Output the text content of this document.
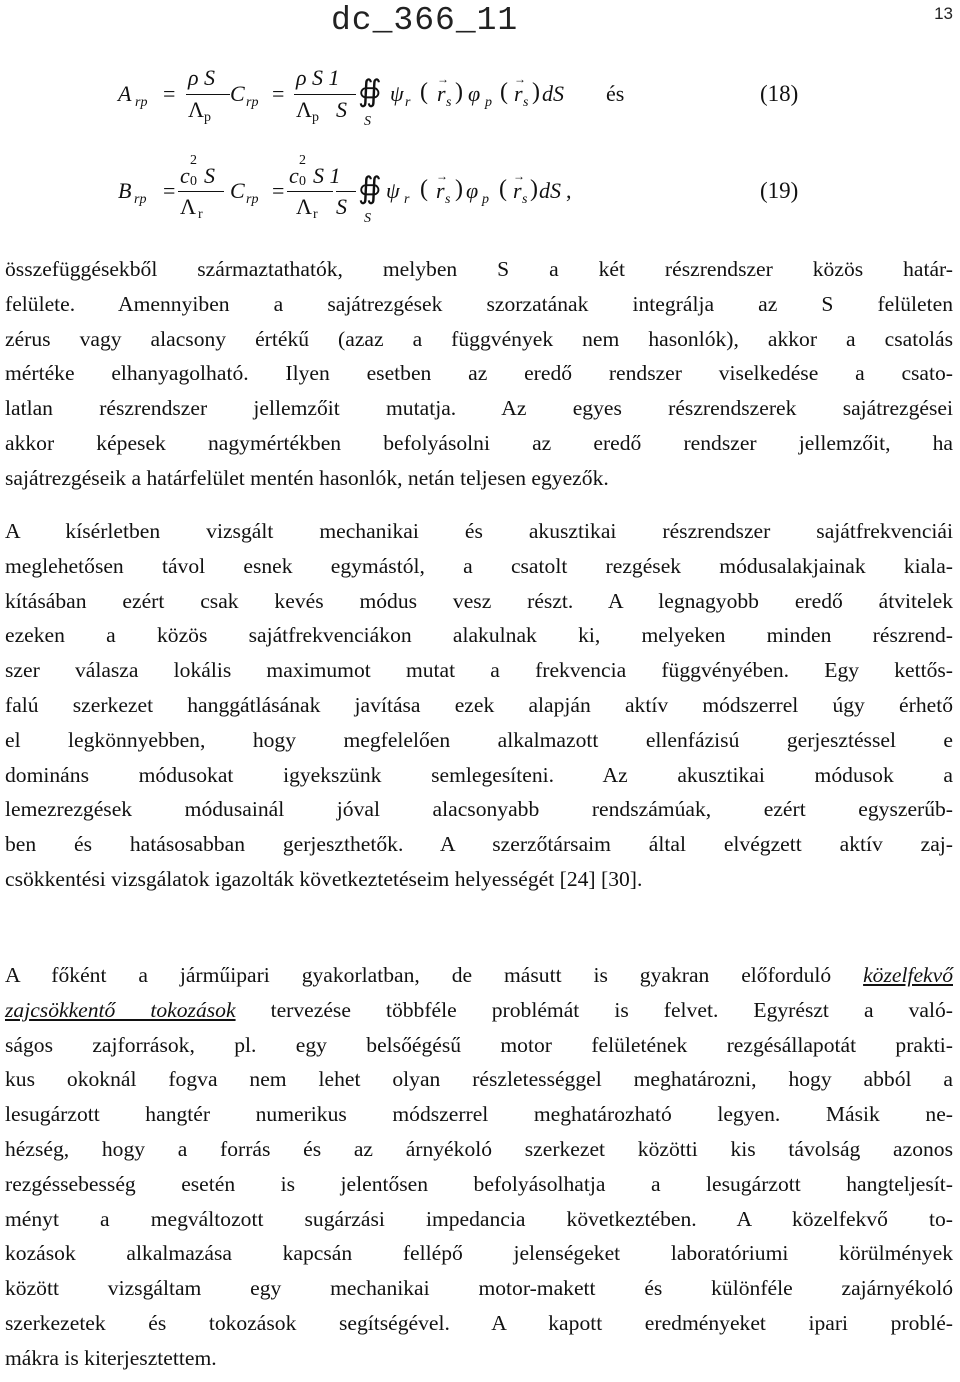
dc_366_11	13
A rp =
ρ S
Λ p
C rp =
ρ S 1
Λ p S
∯
S
ψ r ( →
r s ) φ p ( →
r s ) dS és	(18)
B rp =
c
2
0 S
Λ r
C rp =
c
2
0 S 1
Λ r S
∯
S
ψ r ( →
r s ) φ p ( →
r s ) dS ,	(19)
összefüggésekből származtathatók, melyben S a két részrendszer közös határ-
felülete. Amennyiben a sajátrezgések szorzatának integrálja az S felületen
zérus vagy alacsony értékű (azaz a függvények nem hasonlók), akkor a csatolás
mértéke elhanyagolható. Ilyen esetben az eredő rendszer viselkedése a csato-
latlan részrendszer jellemzőit mutatja. Az egyes részrendszerek sajátrezgései
akkor képesek nagymértékben befolyásolni az eredő rendszer jellemzőit, ha
sajátrezgéseik a határfelület mentén hasonlók, netán teljesen egyezők.
A kísérletben vizsgált mechanikai és akusztikai részrendszer sajátfrekvenciái
meglehetősen távol esnek egymástól, a csatolt rezgések módusalakjainak kiala-
kításában ezért csak kevés módus vesz részt. A legnagyobb eredő átvitelek
ezeken a közös sajátfrekvenciákon alakulnak ki, melyeken minden részrend-
szer válasza lokális maximumot mutat a frekvencia függvényében. Egy kettős-
falú szerkezet hanggátlásának javítása ezek alapján aktív módszerrel úgy érhető
el legkönnyebben, hogy megfelelően alkalmazott ellenfázisú gerjesztéssel e
domináns módusokat igyekszünk semlegesíteni. Az akusztikai módusok a
lemezrezgések módusainál jóval alacsonyabb rendszámúak, ezért egyszerűb-
ben és hatásosabban gerjeszthetők. A szerzőtársaim által elvégzett aktív zaj-
csökkentési vizsgálatok igazolták következtetéseim helyességét [24] [30].
A főként a járműipari gyakorlatban, de másutt is gyakran előforduló közelfekvő
zajcsökkentő tokozások tervezése többféle problémát is felvet. Egyrészt a való-
ságos zajforrások, pl. egy belsőégésű motor felületének rezgésállapotát prakti-
kus okoknál fogva nem lehet olyan részletességgel meghatározni, hogy abból a
lesugárzott hangtér numerikus módszerrel meghatározható legyen. Másik ne-
hézség, hogy a forrás és az árnyékoló szerkezet közötti kis távolság azonos
rezgéssebesség esetén is jelentősen befolyásolhatja a lesugárzott hangteljesít-
ményt a megváltozott sugárzási impedancia következtében. A közelfekvő to-
kozások alkalmazása kapcsán fellépő jelenségeket laboratóriumi körülmények
között vizsgáltam egy mechanikai motor-makett és különféle zajárnyékoló
szerkezetek és tokozások segítségével. A kapott eredményeket ipari problé-
mákra is kiterjesztettem.
